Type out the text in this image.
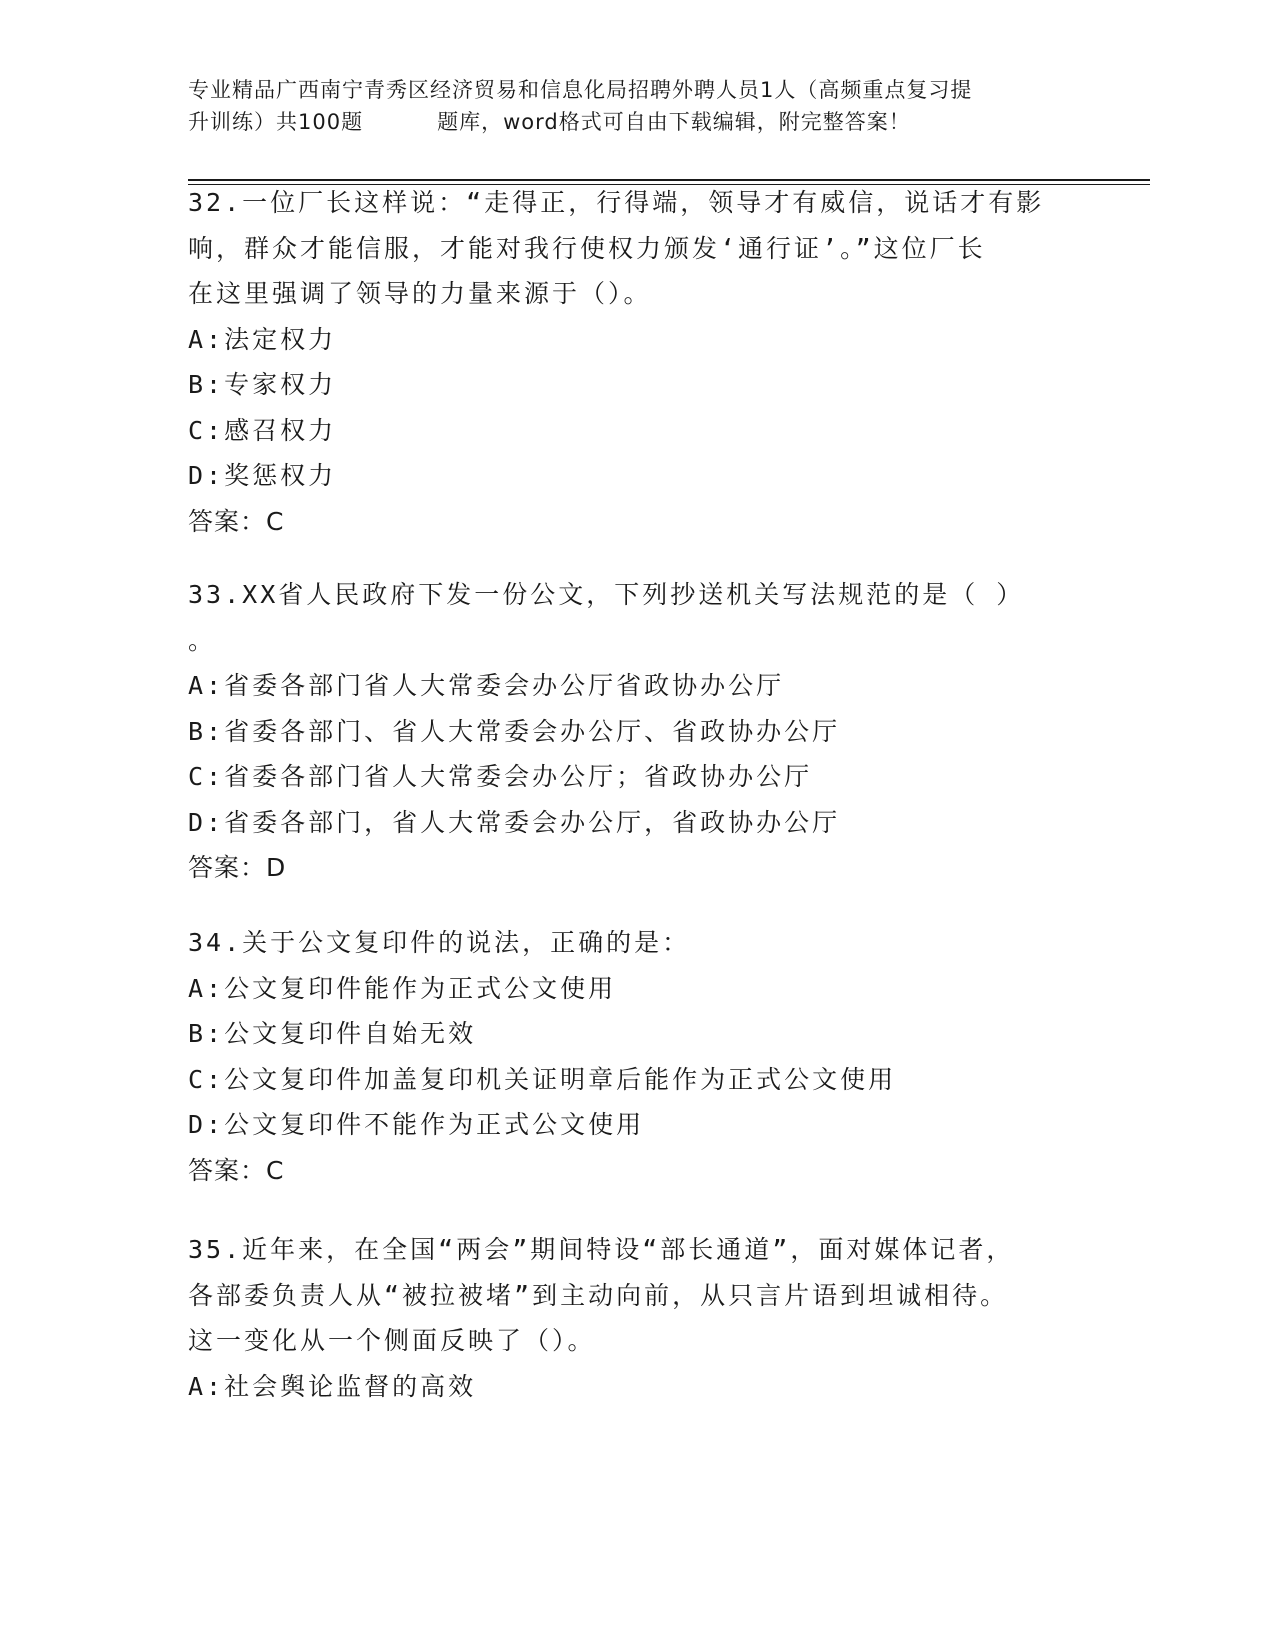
专业精品广西南宁青秀区经济贸易和信息化局招聘外聘人员1人（高频重点复习提
升训练）共100题	题库，word格式可自由下载编辑，附完整答案！
32.一位厂长这样说：“走得正，行得端，领导才有威信，说话才有影
响，群众才能信服，才能对我行使权力颁发‘通行证’。”这位厂长
在这里强调了领导的力量来源于（）。
A:法定权力
B:专家权力
C:感召权力
D:奖惩权力
答案：C
33.XX省人民政府下发一份公文，下列抄送机关写法规范的是（ ）
。
A:省委各部门省人大常委会办公厅省政协办公厅
B:省委各部门、省人大常委会办公厅、省政协办公厅
C:省委各部门省人大常委会办公厅；省政协办公厅
D:省委各部门，省人大常委会办公厅，省政协办公厅
答案：D
34.关于公文复印件的说法，正确的是：
A:公文复印件能作为正式公文使用
B:公文复印件自始无效
C:公文复印件加盖复印机关证明章后能作为正式公文使用
D:公文复印件不能作为正式公文使用
答案：C
35.近年来，在全国“两会”期间特设“部长通道”，面对媒体记者，
各部委负责人从“被拉被堵”到主动向前，从只言片语到坦诚相待。
这一变化从一个侧面反映了（）。
A:社会舆论监督的高效
